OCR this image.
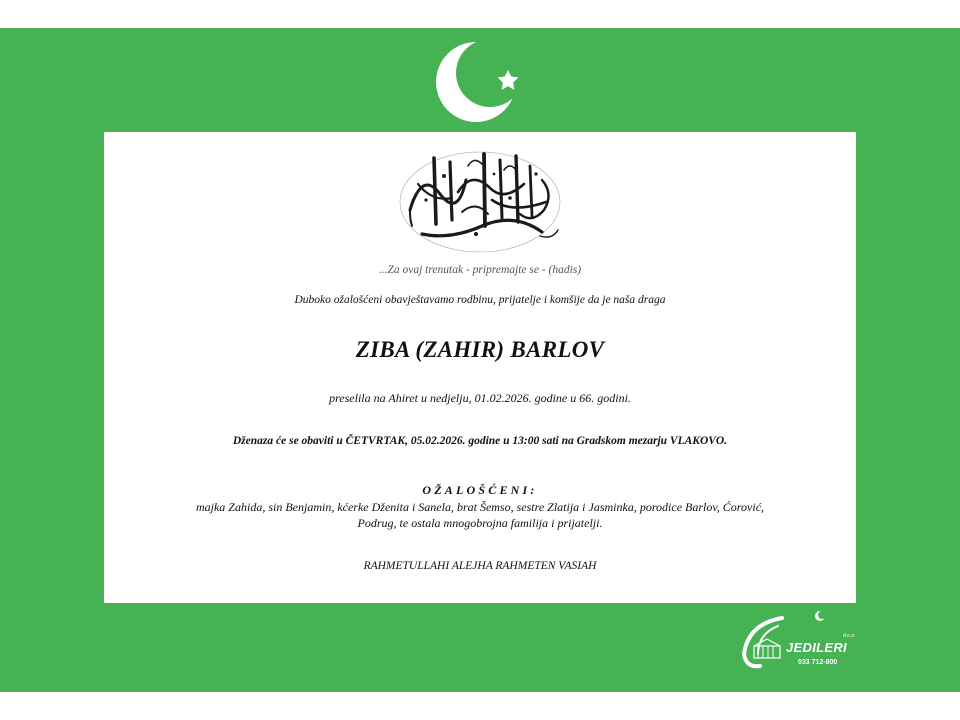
...Za ovaj trenutak - pripremajte se - (hadis)
Duboko ožalošćeni obavještavamo rodbinu, prijatelje i komšije da je naša draga
ZIBA (ZAHIR) BARLOV
preselila na Ahiret u nedjelju, 01.02.2026. godine u 66. godini.
Dženaza će se obaviti u ČETVRTAK, 05.02.2026. godine u 13:00 sati na Gradskom mezarju VLAKOVO.
OŽALOŠĆENI:
majka Zahida, sin Benjamin, kćerke Dženita i Sanela, brat Šemso, sestre Zlatija i Jasminka, porodice Barlov, Ćorović,
Podrug, te ostala mnogobrojna familija i prijatelji.
RAHMETULLAHI ALEJHA RAHMETEN VASIAH
d.o.o.
JEDILERI
033 712-800
